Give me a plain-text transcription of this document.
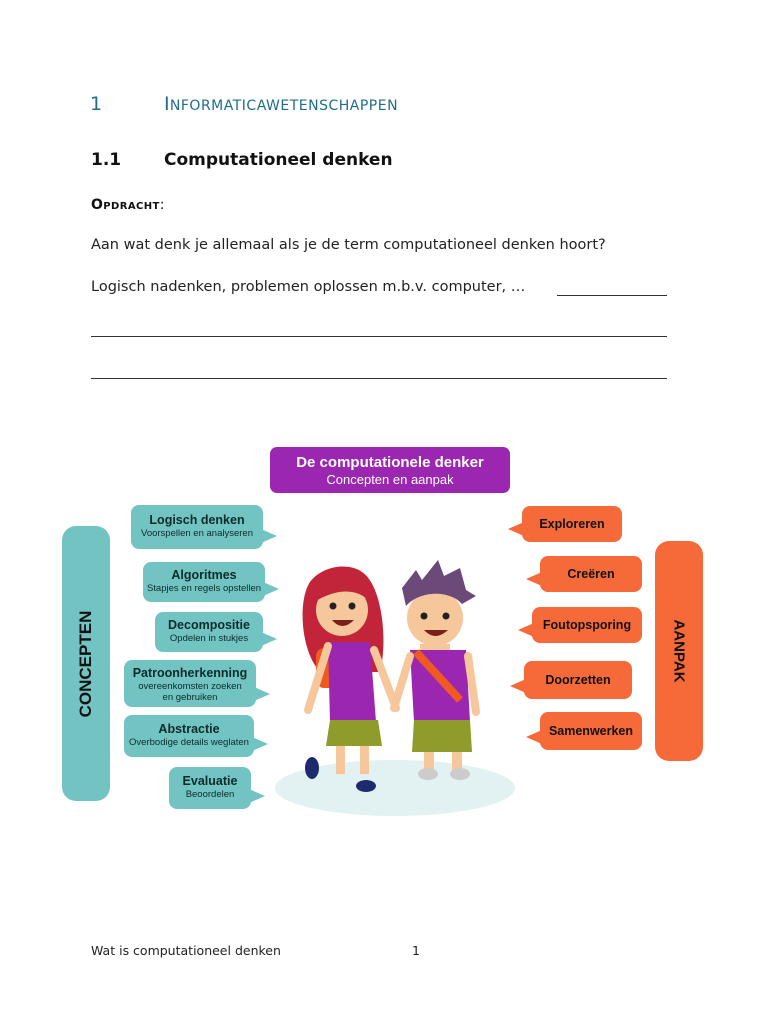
1	INFORMATICAWETENSCHAPPEN
1.1	Computationeel denken
Opdracht:
Aan wat denk je allemaal als je de term computationeel denken hoort?
Logisch nadenken, problemen oplossen m.b.v. computer, …
De computationele denker
Concepten en aanpak
CONCEPTEN	AANPAK
Logisch denken
Voorspellen en analyseren
Algoritmes
Stapjes en regels opstellen
Decompositie
Opdelen in stukjes
Patroonherkenning
overeenkomsten zoeken en gebruiken
Abstractie
Overbodige details weglaten
Evaluatie
Beoordelen
Exploreren
Creëren
Foutopsporing
Doorzetten
Samenwerken
Wat is computationeel denken	1
